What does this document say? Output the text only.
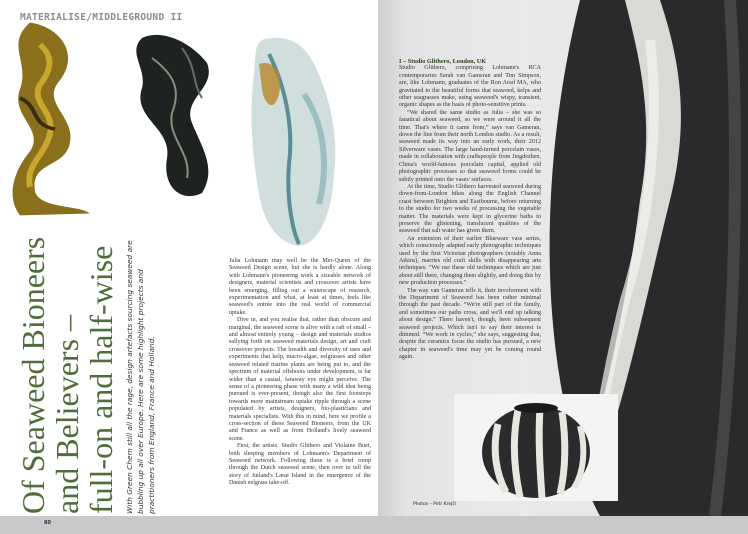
MATERIALISE/MIDDLEGROUND II
Of Seaweed Bioneers
and Believers –
full-on and half-wise With Green Chem still all the rage, design artefacts sourcing seaweed are bubbling up all over Europe. Here are some highlight projects and practitioners from England, France and Holland.
80

Julia Lohmann may well be the Mer-Queen of the Seaweed Design scene, but she is hardly alone. Along with Lohmann's pioneering work a sizeable network of designers, material scientists and crossover artists have been emerging, filling out a waterscape of research, experimentation and what, at least at times, feels like seaweed's entrée into the real world of commercial uptake.

Dive in, and you realise that, rather than obscure and marginal, the seaweed scene is alive with a raft of small – and almost entirely young – design and materials studios sallying forth on seaweed materials design, art and craft crossover projects. The breadth and diversity of uses and experiments that kelp, macro-algae, eelgrasses and other seaweed related marine plants are being put to, and the spectrum of material offshoots under development, is far wider than a casual, faraway eye might perceive. The sense of a pioneering phase with many a wild idea being pursued is ever-present, though also the first footsteps towards more mainstream uptake ripple through a scene populated by artists, designers, bio-plasticians and materials specialists. With this in mind, here we profile a cross-section of these Seaweed Bioneers, from the UK and France as well as from Holland's lively seaweed scene.

First, the artists. Studio Glithero and Violaine Buet, both sleeping members of Lohmann's Department of Seaweed network. Following these is a brief romp through the Dutch seaweed scene, then over to tell the story of Jutland's Læsø Island in the emergence of the Danish eelgrass take-off.

I – Studio Glithero, London, UK

Studio Glithero, comprising Lohmann's RCA contemporaries Sarah van Gameran and Tim Simpson, are, like Lohmann, graduates of the Ron Arad MA, who gravitated to the beautiful forms that seaweed, kelps and other seagrasses make, using seaweed's wispy, transient, organic shapes as the basis of photo-sensitive prints.

“We shared the same studio as Julia – she was so fanatical about seaweed, so we were around it all the time. That's where it came from,” says van Gameran, down the line from their north London studio. As a result, seaweed made its way into an early work, their 2012 Silverware vases. The large hand-turned porcelain vases, made in collaboration with craftspeople from Jingdezhen, China's world-famous porcelain capital, applied old photographic processes so that seaweed forms could be subtly printed onto the vases' surfaces.

At the time, Studio Glithero harvested seaweed during down-from-London hikes along the English Channel coast between Brighton and Eastbourne, before returning to the studio for two weeks of processing the vegetable matter. The materials were kept in glycerine baths to preserve the glistening, translucent qualities of the seaweed that salt water has given them.

An extension of their earlier Blueware vase series, which consciously adapted early photographic techniques used by the first Victorian photographers (notably Anna Atkins), marries old craft skills with disappearing arts techniques. “We use these old techniques which are just about still there, changing them slightly, and doing this by new production processes.”

The way van Gameran tells it, their involvement with the Department of Seaweed has been rather minimal through the past decade. “We're still part of the family, and sometimes our paths cross, and we'll end up talking about design.” There haven't, though, been subsequent seaweed projects. Which isn't to say their interest is dimmed. “We work in cycles,” she says, suggesting that, despite the ceramics focus the studio has pursued, a new chapter in seaweed's time may yet be coming round again.

Photos – Petr Krejčí
